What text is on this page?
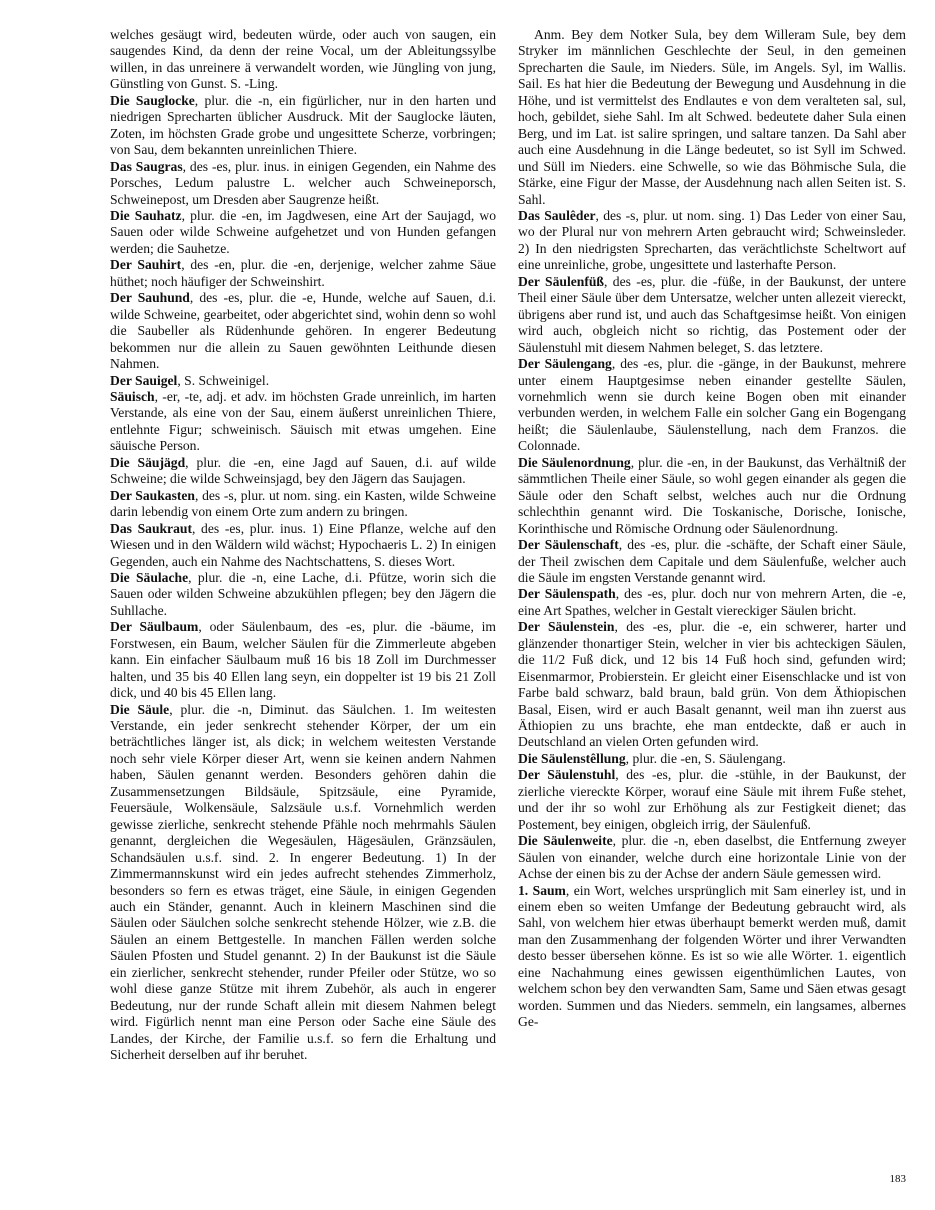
welches gesäugt wird, bedeuten würde, oder auch von saugen, ein saugendes Kind, da denn der reine Vocal, um der Ableitungssylbe willen, in das unreinere ä verwandelt worden, wie Jüngling von jung, Günstling von Gunst. S. -Ling.

Die Sauglocke, plur. die -n, ein figürlicher, nur in den harten und niedrigen Sprecharten üblicher Ausdruck. Mit der Sauglocke läuten, Zoten, im höchsten Grade grobe und ungesittete Scherze, vorbringen; von Sau, dem bekannten unreinlichen Thiere.

Das Saugras, des -es, plur. inus. in einigen Gegenden, ein Nahme des Porsches, Ledum palustre L. welcher auch Schweineporsch, Schweinepost, um Dresden aber Saugrenze heißt.

Die Sauhatz, plur. die -en, im Jagdwesen, eine Art der Saujagd, wo Sauen oder wilde Schweine aufgehetzet und von Hunden gefangen werden; die Sauhetze.

Der Sauhirt, des -en, plur. die -en, derjenige, welcher zahme Säue hüthet; noch häufiger der Schweinshirt.

Der Sauhund, des -es, plur. die -e, Hunde, welche auf Sauen, d.i. wilde Schweine, gearbeitet, oder abgerichtet sind, wohin denn so wohl die Saubeller als Rüdenhunde gehören. In engerer Bedeutung bekommen nur die allein zu Sauen gewöhnten Leithunde diesen Nahmen.

Der Sauigel, S. Schweinigel.

Säuisch, -er, -te, adj. et adv. im höchsten Grade unreinlich, im harten Verstande, als eine von der Sau, einem äußerst unreinlichen Thiere, entlehnte Figur; schweinisch. Säuisch mit etwas umgehen. Eine säuische Person.

Die Säujägd, plur. die -en, eine Jagd auf Sauen, d.i. auf wilde Schweine; die wilde Schweinsjagd, bey den Jägern das Saujagen.

Der Saukasten, des -s, plur. ut nom. sing. ein Kasten, wilde Schweine darin lebendig von einem Orte zum andern zu bringen.

Das Saukraut, des -es, plur. inus. 1) Eine Pflanze, welche auf den Wiesen und in den Wäldern wild wächst; Hypochaeris L. 2) In einigen Gegenden, auch ein Nahme des Nachtschattens, S. dieses Wort.

Die Säulache, plur. die -n, eine Lache, d.i. Pfütze, worin sich die Sauen oder wilden Schweine abzukühlen pflegen; bey den Jägern die Suhllache.

Der Säulbaum, oder Säulenbaum, des -es, plur. die -bäume, im Forstwesen, ein Baum, welcher Säulen für die Zimmerleute abgeben kann. Ein einfacher Säulbaum muß 16 bis 18 Zoll im Durchmesser halten, und 35 bis 40 Ellen lang seyn, ein doppelter ist 19 bis 21 Zoll dick, und 40 bis 45 Ellen lang.

Die Säule, plur. die -n, Diminut. das Säulchen. 1. Im weitesten Verstande, ein jeder senkrecht stehender Körper, der um ein beträchtliches länger ist, als dick; in welchem weitesten Verstande noch sehr viele Körper dieser Art, wenn sie keinen andern Nahmen haben, Säulen genannt werden. Besonders gehören dahin die Zusammensetzungen Bildsäule, Spitzsäule, eine Pyramide, Feuersäule, Wolkensäule, Salzsäule u.s.f. Vornehmlich werden gewisse zierliche, senkrecht stehende Pfähle noch mehrmahls Säulen genannt, dergleichen die Wegesäulen, Hägesäulen, Gränzsäulen, Schandsäulen u.s.f. sind. 2. In engerer Bedeutung. 1) In der Zimmermannskunst wird ein jedes aufrecht stehendes Zimmerholz, besonders so fern es etwas träget, eine Säule, in einigen Gegenden auch ein Ständer, genannt. Auch in kleinern Maschinen sind die Säulen oder Säulchen solche senkrecht stehende Hölzer, wie z.B. die Säulen an einem Bettgestelle. In manchen Fällen werden solche Säulen Pfosten und Studel genannt. 2) In der Baukunst ist die Säule ein zierlicher, senkrecht stehender, runder Pfeiler oder Stütze, wo so wohl diese ganze Stütze mit ihrem Zubehör, als auch in engerer Bedeutung, nur der runde Schaft allein mit diesem Nahmen belegt wird. Figürlich nennt man eine Person oder Sache eine Säule des Landes, der Kirche, der Familie u.s.f. so fern die Erhaltung und Sicherheit derselben auf ihr beruhet.

Anm. Bey dem Notker Sula, bey dem Willeram Sule, bey dem Stryker im männlichen Geschlechte der Seul, in den gemeinen Sprecharten die Saule, im Nieders. Süle, im Angels. Syl, im Wallis. Sail. Es hat hier die Bedeutung der Bewegung und Ausdehnung in die Höhe, und ist vermittelst des Endlautes e von dem veralteten sal, sul, hoch, gebildet, siehe Sahl. Im alt Schwed. bedeutete daher Sula einen Berg, und im Lat. ist salire springen, und saltare tanzen. Da Sahl aber auch eine Ausdehnung in die Länge bedeutet, so ist Syll im Schwed. und Süll im Nieders. eine Schwelle, so wie das Böhmische Sula, die Stärke, eine Figur der Masse, der Ausdehnung nach allen Seiten ist. S. Sahl.

Das Saulêder, des -s, plur. ut nom. sing. 1) Das Leder von einer Sau, wo der Plural nur von mehrern Arten gebraucht wird; Schweinsleder. 2) In den niedrigsten Sprecharten, das verächtlichste Scheltwort auf eine unreinliche, grobe, ungesittete und lasterhafte Person.

Der Säulenfüß, des -es, plur. die -füße, in der Baukunst, der untere Theil einer Säule über dem Untersatze, welcher unten allezeit viereckt, übrigens aber rund ist, und auch das Schaftgesimse heißt. Von einigen wird auch, obgleich nicht so richtig, das Postement oder der Säulenstuhl mit diesem Nahmen beleget, S. das letztere.

Der Säulengang, des -es, plur. die -gänge, in der Baukunst, mehrere unter einem Hauptgesimse neben einander gestellte Säulen, vornehmlich wenn sie durch keine Bogen oben mit einander verbunden werden, in welchem Falle ein solcher Gang ein Bogengang heißt; die Säulenlaube, Säulenstellung, nach dem Franzos. die Colonnade.

Die Säulenordnung, plur. die -en, in der Baukunst, das Verhältniß der sämmtlichen Theile einer Säule, so wohl gegen einander als gegen die Säule oder den Schaft selbst, welches auch nur die Ordnung schlechthin genannt wird. Die Toskanische, Dorische, Ionische, Korinthische und Römische Ordnung oder Säulenordnung.

Der Säulenschaft, des -es, plur. die -schäfte, der Schaft einer Säule, der Theil zwischen dem Capitale und dem Säulenfuße, welcher auch die Säule im engsten Verstande genannt wird.

Der Säulenspath, des -es, plur. doch nur von mehrern Arten, die -e, eine Art Spathes, welcher in Gestalt viereckiger Säulen bricht.

Der Säulenstein, des -es, plur. die -e, ein schwerer, harter und glänzender thonartiger Stein, welcher in vier bis achteckigen Säulen, die 11/2 Fuß dick, und 12 bis 14 Fuß hoch sind, gefunden wird; Eisenmarmor, Probierstein. Er gleicht einer Eisenschlacke und ist von Farbe bald schwarz, bald braun, bald grün. Von dem Äthiopischen Basal, Eisen, wird er auch Basalt genannt, weil man ihn zuerst aus Äthiopien zu uns brachte, ehe man entdeckte, daß er auch in Deutschland an vielen Orten gefunden wird.

Die Säulenstêllung, plur. die -en, S. Säulengang.

Der Säulenstuhl, des -es, plur. die -stühle, in der Baukunst, der zierliche viereckte Körper, worauf eine Säule mit ihrem Fuße stehet, und der ihr so wohl zur Erhöhung als zur Festigkeit dienet; das Postement, bey einigen, obgleich irrig, der Säulenfuß.

Die Säulenweite, plur. die -n, eben daselbst, die Entfernung zweyer Säulen von einander, welche durch eine horizontale Linie von der Achse der einen bis zu der Achse der andern Säule gemessen wird.

1. Saum, ein Wort, welches ursprünglich mit Sam einerley ist, und in einem eben so weiten Umfange der Bedeutung gebraucht wird, als Sahl, von welchem hier etwas überhaupt bemerkt werden muß, damit man den Zusammenhang der folgenden Wörter und ihrer Verwandten desto besser übersehen könne. Es ist so wie alle Wörter. 1. eigentlich eine Nachahmung eines gewissen eigenthümlichen Lautes, von welchem schon bey den verwandten Sam, Same und Säen etwas gesagt worden. Summen und das Nieders. semmeln, ein langsames, albernes Ge-

183
